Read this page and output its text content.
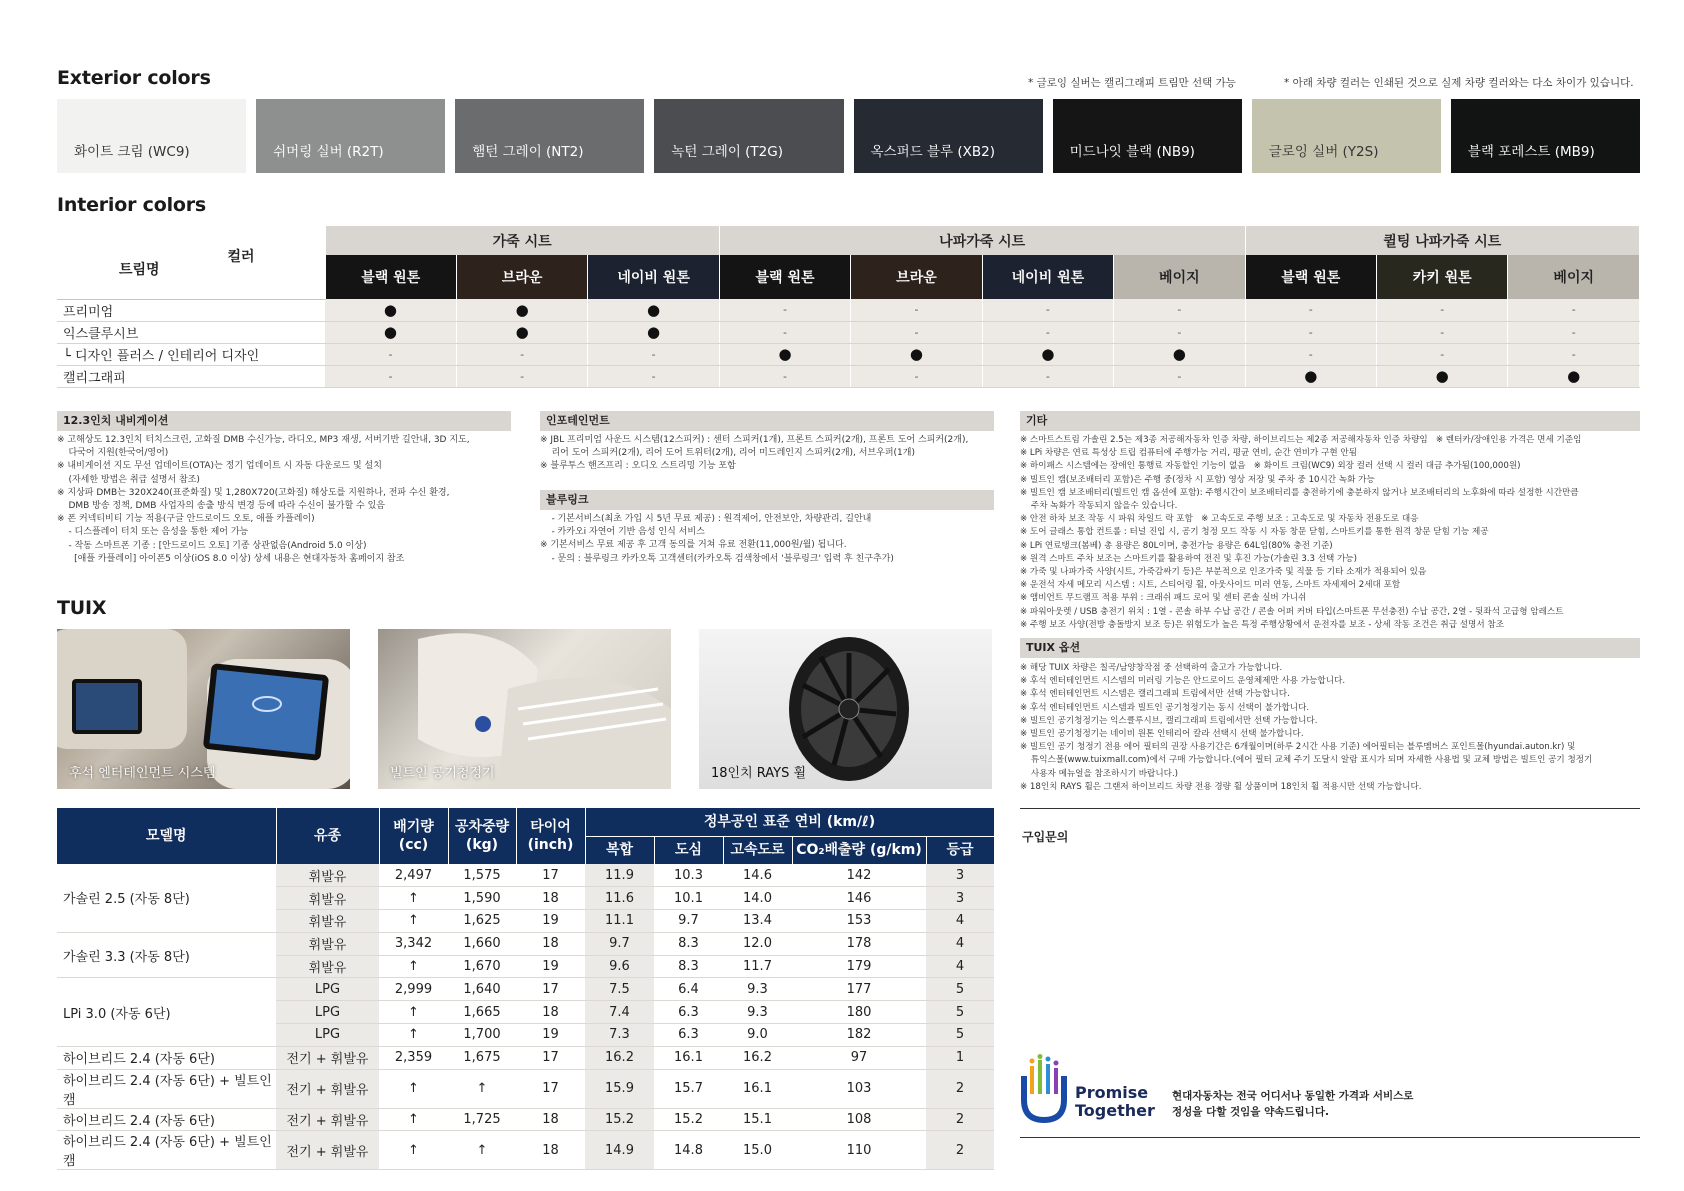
Exterior colors	* 글로잉 실버는 캘리그래피 트림만 선택 가능	* 아래 차량 컬러는 인쇄된 것으로 실제 차량 컬러와는 다소 차이가 있습니다.
화이트 크림 (WC9)	쉬머링 실버 (R2T)	햄턴 그레이 (NT2)	녹턴 그레이 (T2G)	옥스퍼드 블루 (XB2)	미드나잇 블랙 (NB9)	글로잉 실버 (Y2S)	블랙 포레스트 (MB9)
Interior colors
컬러
트림명	가죽 시트			나파가죽 시트				퀼팅 나파가죽 시트		
	블랙 원톤	브라운	네이비 원톤	블랙 원톤	브라운	네이비 원톤	베이지	블랙 원톤	카키 원톤	베이지
프리미엄	●	●	●	-	-	-	-	-	-	-
익스클루시브	●	●	●	-	-	-	-	-	-	-
└ 디자인 플러스 / 인테리어 디자인	-	-	-	●	●	●	●	-	-	-
캘리그래피	-	-	-	-	-	-	-	●	●	●
12.3인치 내비게이션
※ 고해상도 12.3인치 터치스크린, 고화질 DMB 수신가능, 라디오, MP3 재생, 서버기반 길안내, 3D 지도,
다국어 지원(한국어/영어)
※ 내비게이션 지도 무선 업데이트(OTA)는 정기 업데이트 시 자동 다운로드 및 설치
(자세한 방법은 취급 설명서 참조)
※ 지상파 DMB는 320X240(표준화질) 및 1,280X720(고화질) 해상도를 지원하나, 전파 수신 환경,
DMB 방송 정책, DMB 사업자의 송출 방식 변경 등에 따라 수신이 불가할 수 있음
※ 폰 커넥티비티 기능 적용(구글 안드로이드 오토, 애플 카플레이)
- 디스플레이 터치 또는 음성을 통한 제어 가능
- 작동 스마트폰 기종 : [안드로이드 오토] 기종 상관없음(Android 5.0 이상)
[애플 카플레이] 아이폰5 이상(iOS 8.0 이상) 상세 내용은 현대자동차 홈페이지 참조
인포테인먼트
※ JBL 프리미엄 사운드 시스템(12스피커) : 센터 스피커(1개), 프론트 스피커(2개), 프론트 도어 스피커(2개),
리어 도어 스피커(2개), 리어 도어 트위터(2개), 리어 미드레인지 스피커(2개), 서브우퍼(1개)
※ 블루투스 핸즈프리 : 오디오 스트리밍 기능 포함
블루링크
- 기본서비스(최초 가입 시 5년 무료 제공) : 원격제어, 안전보안, 차량관리, 길안내
- 카카오i 자연어 기반 음성 인식 서비스
※ 기본서비스 무료 제공 후 고객 동의를 거쳐 유료 전환(11,000원/월) 됩니다.
- 문의 : 블루링크 카카오톡 고객센터(카카오톡 검색창에서 '블루링크' 입력 후 친구추가)
기타
※ 스마트스트림 가솔린 2.5는 제3종 저공해자동차 인증 차량, 하이브리드는 제2종 저공해자동차 인증 차량임   ※ 렌터카/장애인용 가격은 면세 기준임
※ LPi 차량은 연료 특성상 트립 컴퓨터에 주행가능 거리, 평균 연비, 순간 연비가 구현 안됨
※ 하이패스 시스템에는 장애인 통행료 자동할인 기능이 없음   ※ 화이트 크림(WC9) 외장 컬러 선택 시 컬러 대금 추가됨(100,000원)
※ 빌트인 캠(보조배터리 포함)은 주행 중(정차 시 포함) 영상 저장 및 주차 중 10시간 녹화 가능
※ 빌트인 캠 보조배터리(빌트인 캠 옵션에 포함): 주행시간이 보조배터리를 충전하기에 충분하지 않거나 보조배터리의 노후화에 따라 설정한 시간만큼
주차 녹화가 작동되지 않을수 있습니다.
※ 안전 하차 보조 작동 시 파워 차일드 락 포함   ※ 고속도로 주행 보조 : 고속도로 및 자동차 전용도로 대응
※ 도어 글래스 통합 컨트롤 : 터널 진입 시, 공기 청정 모드 작동 시 자동 창문 닫힘, 스마트키를 통한 원격 창문 닫힘 기능 제공
※ LPi 연료탱크(봄베) 총 용량은 80L이며, 충전가능 용량은 64L임(80% 충전 기준)
※ 원격 스마트 주차 보조는 스마트키를 활용하여 전진 및 후진 가능(가솔린 3.3 선택 가능)
※ 가죽 및 나파가죽 사양(시트, 가죽감싸기 등)은 부분적으로 인조가죽 및 직물 등 기타 소재가 적용되어 있음
※ 운전석 자세 메모리 시스템 : 시트, 스티어링 휠, 아웃사이드 미러 연동, 스마트 자세제어 2세대 포함
※ 앰비언트 무드램프 적용 부위 : 크래쉬 패드 로어 및 센터 콘솔 실버 가니쉬
※ 파워아웃렛 / USB 충전기 위치 : 1열 - 콘솔 하부 수납 공간 / 콘솔 어퍼 커버 타입(스마트폰 무선충전) 수납 공간, 2열 - 뒷좌석 고급형 암레스트
※ 주행 보조 사양(전방 충돌방지 보조 등)은 위험도가 높은 특정 주행상황에서 운전자를 보조 - 상세 작동 조건은 취급 설명서 참조
TUIX 옵션
※ 해당 TUIX 차량은 칠곡/남양창작점 중 선택하여 출고가 가능합니다.
※ 후석 엔터테인먼트 시스템의 미러링 기능은 안드로이드 운영체제만 사용 가능합니다.
※ 후석 엔터테인먼트 시스템은 캘리그래피 트림에서만 선택 가능합니다.
※ 후석 엔터테인먼트 시스템과 빌트인 공기청정기는 동시 선택이 불가합니다.
※ 빌트인 공기청정기는 익스클루시브, 캘리그래피 트림에서만 선택 가능합니다.
※ 빌트인 공기청정기는 네이비 원톤 인테리어 칼라 선택시 선택 불가합니다.
※ 빌트인 공기 청정기 전용 에어 필터의 권장 사용기간은 6개월이며(하루 2시간 사용 기준) 에어필터는 블루멤버스 포인트몰(hyundai.auton.kr) 및
튜익스몰(www.tuixmall.com)에서 구매 가능합니다.(에어 필터 교체 주기 도달시 알람 표시가 되며 자세한 사용법 및 교체 방법은 빌트인 공기 청정기
사용자 메뉴얼을 참조하시기 바랍니다.)
※ 18인치 RAYS 휠은 그랜저 하이브리드 차량 전용 경량 휠 상품이며 18인치 휠 적용시만 선택 가능합니다.
TUIX
후석 엔터테인먼트 시스템	빌트인 공기청정기	18인치 RAYS 휠
모델명	유종	배기량
(cc)	공차중량
(kg)	타이어
(inch)	정부공인 표준 연비 (km/ℓ)				
					복합	도심	고속도로	CO₂배출량 (g/km)	등급
가솔린 2.5 (자동 8단)	휘발유	2,497	1,575	17	11.9	10.3	14.6	142	3
	휘발유	↑	1,590	18	11.6	10.1	14.0	146	3
	휘발유	↑	1,625	19	11.1	9.7	13.4	153	4
가솔린 3.3 (자동 8단)	휘발유	3,342	1,660	18	9.7	8.3	12.0	178	4
	휘발유	↑	1,670	19	9.6	8.3	11.7	179	4
LPi 3.0 (자동 6단)	LPG	2,999	1,640	17	7.5	6.4	9.3	177	5
	LPG	↑	1,665	18	7.4	6.3	9.3	180	5
	LPG	↑	1,700	19	7.3	6.3	9.0	182	5
하이브리드 2.4 (자동 6단)	전기 + 휘발유	2,359	1,675	17	16.2	16.1	16.2	97	1
하이브리드 2.4 (자동 6단) + 빌트인 캠	전기 + 휘발유	↑	↑	17	15.9	15.7	16.1	103	2
하이브리드 2.4 (자동 6단)	전기 + 휘발유	↑	1,725	18	15.2	15.2	15.1	108	2
하이브리드 2.4 (자동 6단) + 빌트인 캠	전기 + 휘발유	↑	↑	18	14.9	14.8	15.0	110	2
구입문의
Promise
Together
현대자동차는 전국 어디서나 동일한 가격과 서비스로
정성을 다할 것임을 약속드립니다.
